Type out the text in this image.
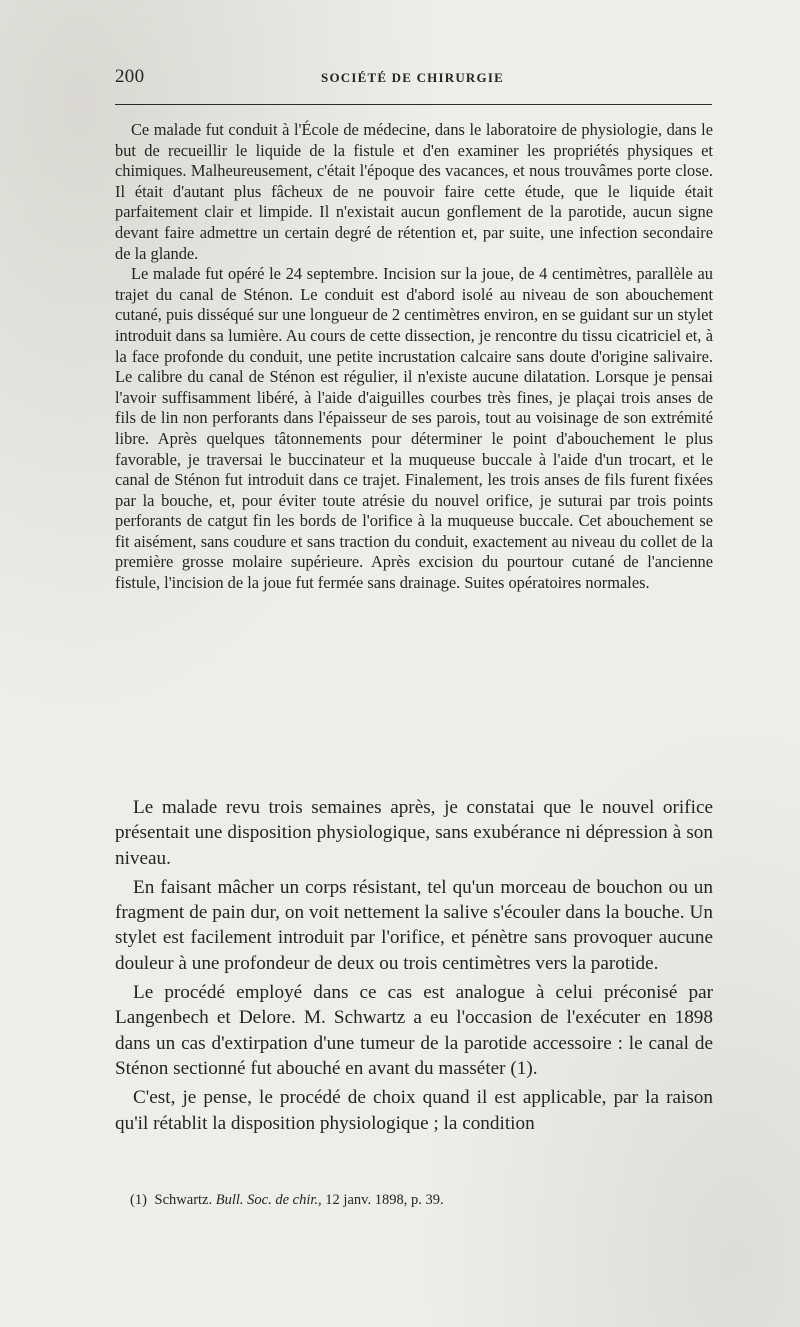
200	SOCIÉTÉ DE CHIRURGIE

Ce malade fut conduit à l'École de médecine, dans le laboratoire de physiologie, dans le but de recueillir le liquide de la fistule et d'en examiner les propriétés physiques et chimiques. Malheureusement, c'était l'époque des vacances, et nous trouvâmes porte close. Il était d'autant plus fâcheux de ne pouvoir faire cette étude, que le liquide était parfaitement clair et limpide. Il n'existait aucun gonflement de la parotide, aucun signe devant faire admettre un certain degré de rétention et, par suite, une infection secondaire de la glande.

Le malade fut opéré le 24 septembre. Incision sur la joue, de 4 centimètres, parallèle au trajet du canal de Sténon. Le conduit est d'abord isolé au niveau de son abouchement cutané, puis disséqué sur une longueur de 2 centimètres environ, en se guidant sur un stylet introduit dans sa lumière. Au cours de cette dissection, je rencontre du tissu cicatriciel et, à la face profonde du conduit, une petite incrustation calcaire sans doute d'origine salivaire. Le calibre du canal de Sténon est régulier, il n'existe aucune dilatation. Lorsque je pensai l'avoir suffisamment libéré, à l'aide d'aiguilles courbes très fines, je plaçai trois anses de fils de lin non perforants dans l'épaisseur de ses parois, tout au voisinage de son extrémité libre. Après quelques tâtonnements pour déterminer le point d'abouchement le plus favorable, je traversai le buccinateur et la muqueuse buccale à l'aide d'un trocart, et le canal de Sténon fut introduit dans ce trajet. Finalement, les trois anses de fils furent fixées par la bouche, et, pour éviter toute atrésie du nouvel orifice, je suturai par trois points perforants de catgut fin les bords de l'orifice à la muqueuse buccale. Cet abouchement se fit aisément, sans coudure et sans traction du conduit, exactement au niveau du collet de la première grosse molaire supérieure. Après excision du pourtour cutané de l'ancienne fistule, l'incision de la joue fut fermée sans drainage. Suites opératoires normales.

Le malade revu trois semaines après, je constatai que le nouvel orifice présentait une disposition physiologique, sans exubérance ni dépression à son niveau.

En faisant mâcher un corps résistant, tel qu'un morceau de bouchon ou un fragment de pain dur, on voit nettement la salive s'écouler dans la bouche. Un stylet est facilement introduit par l'orifice, et pénètre sans provoquer aucune douleur à une profondeur de deux ou trois centimètres vers la parotide.

Le procédé employé dans ce cas est analogue à celui préconisé par Langenbech et Delore. M. Schwartz a eu l'occasion de l'exécuter en 1898 dans un cas d'extirpation d'une tumeur de la parotide accessoire : le canal de Sténon sectionné fut abouché en avant du masséter (1).

C'est, je pense, le procédé de choix quand il est applicable, par la raison qu'il rétablit la disposition physiologique ; la condition

(1) Schwartz. Bull. Soc. de chir., 12 janv. 1898, p. 39.
